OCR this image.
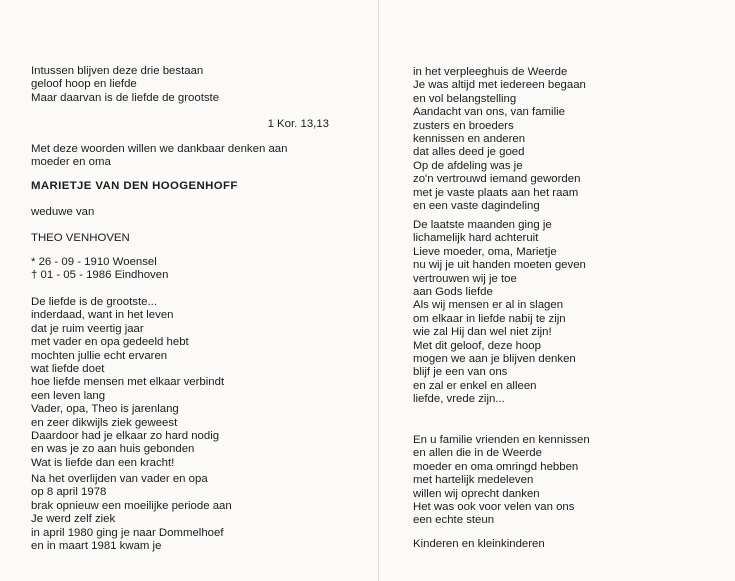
Intussen blijven deze drie bestaan
geloof hoop en liefde
Maar daarvan is de liefde de grootste
1 Kor. 13,13
Met deze woorden willen we dankbaar denken aan
moeder en oma
MARIETJE VAN DEN HOOGENHOFF
weduwe van
THEO VENHOVEN
* 26 - 09 - 1910 Woensel
† 01 - 05 - 1986 Eindhoven
De liefde is de grootste...
inderdaad, want in het leven
dat je ruim veertig jaar
met vader en opa gedeeld hebt
mochten jullie echt ervaren
wat liefde doet
hoe liefde mensen met elkaar verbindt
een leven lang
Vader, opa, Theo is jarenlang
en zeer dikwijls ziek geweest
Daardoor had je elkaar zo hard nodig
en was je zo aan huis gebonden
Wat is liefde dan een kracht!
Na het overlijden van vader en opa
op 8 april 1978
brak opnieuw een moeilijke periode aan
Je werd zelf ziek
in april 1980 ging je naar Dommelhoef
en in maart 1981 kwam je
in het verpleeghuis de Weerde
Je was altijd met iedereen begaan
en vol belangstelling
Aandacht van ons, van familie
zusters en broeders
kennissen en anderen
dat alles deed je goed
Op de afdeling was je
zo'n vertrouwd iemand geworden
met je vaste plaats aan het raam
en een vaste dagindeling
De laatste maanden ging je
lichamelijk hard achteruit
Lieve moeder, oma, Marietje
nu wij je uit handen moeten geven
vertrouwen wij je toe
aan Gods liefde
Als wij mensen er al in slagen
om elkaar in liefde nabij te zijn
wie zal Hij dan wel niet zijn!
Met dit geloof, deze hoop
mogen we aan je blijven denken
blijf je een van ons
en zal er enkel en alleen
liefde, vrede zijn...
En u familie vrienden en kennissen
en allen die in de Weerde
moeder en oma omringd hebben
met hartelijk medeleven
willen wij oprecht danken
Het was ook voor velen van ons
een echte steun
Kinderen en kleinkinderen
